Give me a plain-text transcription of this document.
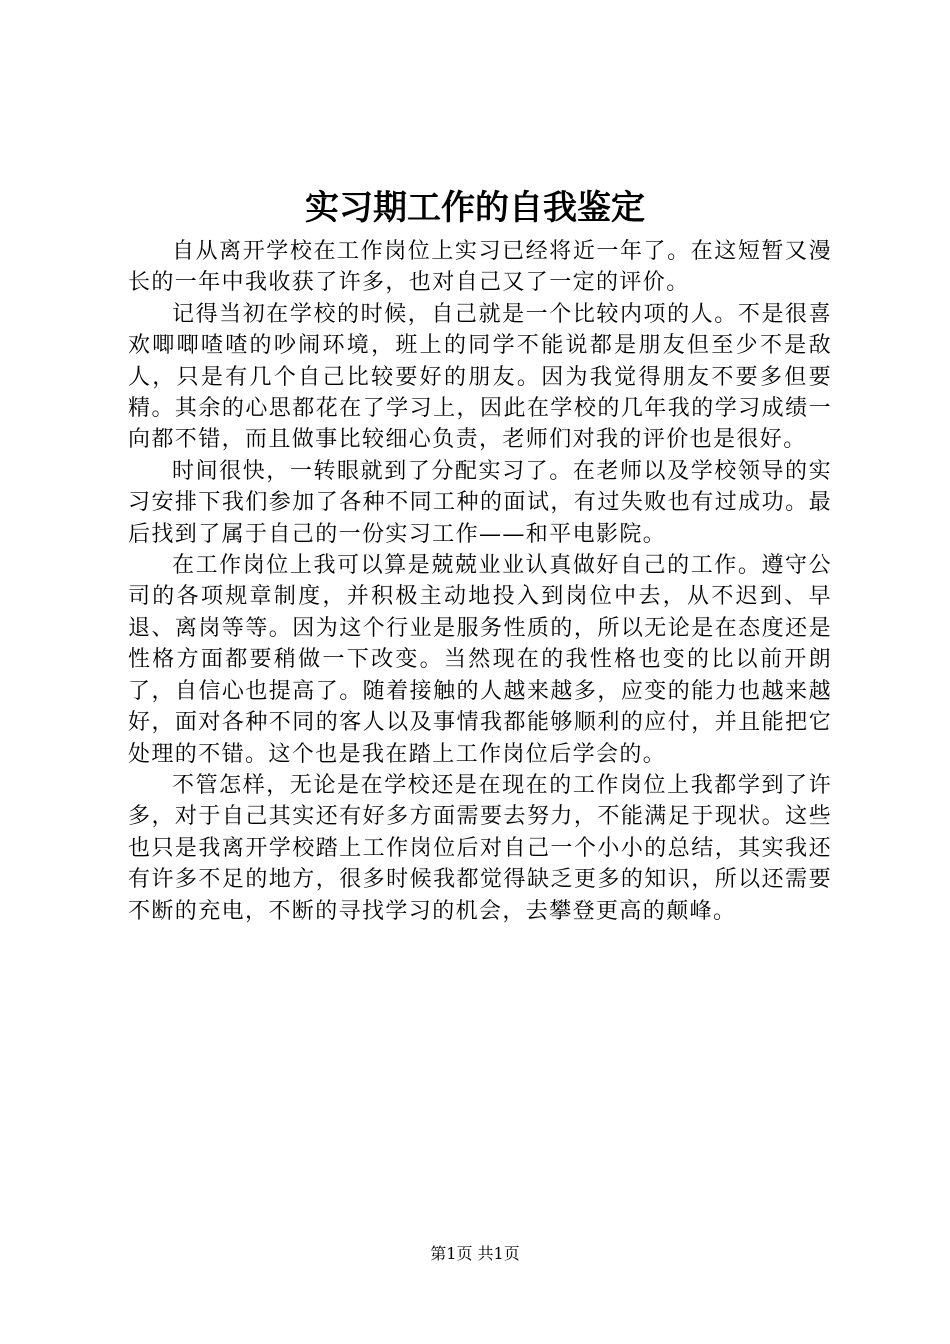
实习期工作的自我鉴定

自从离开学校在工作岗位上实习已经将近一年了。在这短暂又漫长的一年中我收获了许多，也对自己又了一定的评价。

记得当初在学校的时候，自己就是一个比较内项的人。不是很喜欢唧唧喳喳的吵闹环境，班上的同学不能说都是朋友但至少不是敌人，只是有几个自己比较要好的朋友。因为我觉得朋友不要多但要精。其余的心思都花在了学习上，因此在学校的几年我的学习成绩一向都不错，而且做事比较细心负责，老师们对我的评价也是很好。

时间很快，一转眼就到了分配实习了。在老师以及学校领导的实习安排下我们参加了各种不同工种的面试，有过失败也有过成功。最后找到了属于自己的一份实习工作——和平电影院。

在工作岗位上我可以算是兢兢业业认真做好自己的工作。遵守公司的各项规章制度，并积极主动地投入到岗位中去，从不迟到、早退、离岗等等。因为这个行业是服务性质的，所以无论是在态度还是性格方面都要稍做一下改变。当然现在的我性格也变的比以前开朗了，自信心也提高了。随着接触的人越来越多，应变的能力也越来越好，面对各种不同的客人以及事情我都能够顺利的应付，并且能把它处理的不错。这个也是我在踏上工作岗位后学会的。

不管怎样，无论是在学校还是在现在的工作岗位上我都学到了许多，对于自己其实还有好多方面需要去努力，不能满足于现状。这些也只是我离开学校踏上工作岗位后对自己一个小小的总结，其实我还有许多不足的地方，很多时候我都觉得缺乏更多的知识，所以还需要不断的充电，不断的寻找学习的机会，去攀登更高的颠峰。

第1页 共1页
